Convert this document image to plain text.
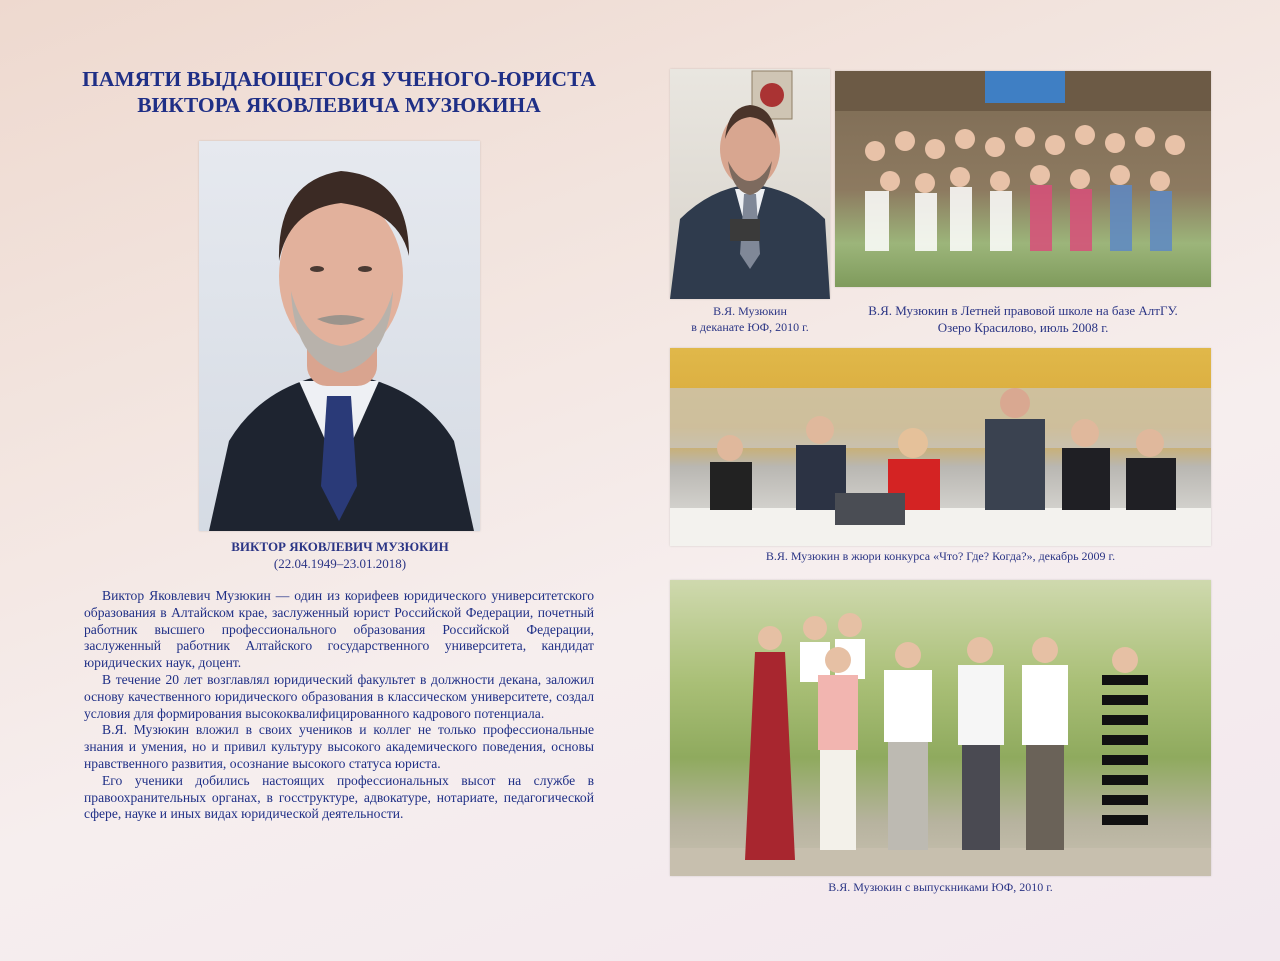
ПАМЯТИ ВЫДАЮЩЕГОСЯ УЧЕНОГО-ЮРИСТА
ВИКТОРА ЯКОВЛЕВИЧА МУЗЮКИНА
ВИКТОР ЯКОВЛЕВИЧ МУЗЮКИН
(22.04.1949–23.01.2018)

Виктор Яковлевич Музюкин — один из корифеев юридического университетского образования в Алтайском крае, заслуженный юрист Российской Федерации, почетный работник высшего профессионального образования Российской Федерации, заслуженный работник Алтайского государственного университета, кандидат юридических наук, доцент.

В течение 20 лет возглавлял юридический факультет в должности декана, заложил основу качественного юридического образования в классическом университете, создал условия для формирования высококвалифицированного кадрового потенциала.

В.Я. Музюкин вложил в своих учеников и коллег не только профессиональные знания и умения, но и привил культуру высокого академического поведения, основы нравственного развития, осознание высокого статуса юриста.

Его ученики добились настоящих профессиональных высот на службе в правоохранительных органах, в госструктуре, адвокатуре, нотариате, педагогической сфере, науке и иных видах юридической деятельности.

В.Я. Музюкин
в деканате ЮФ, 2010 г.
В.Я. Музюкин в Летней правовой школе на базе АлтГУ.
Озеро Красилово, июль 2008 г.
В.Я. Музюкин в жюри конкурса «Что? Где? Когда?», декабрь 2009 г.
В.Я. Музюкин с выпускниками ЮФ, 2010 г.
